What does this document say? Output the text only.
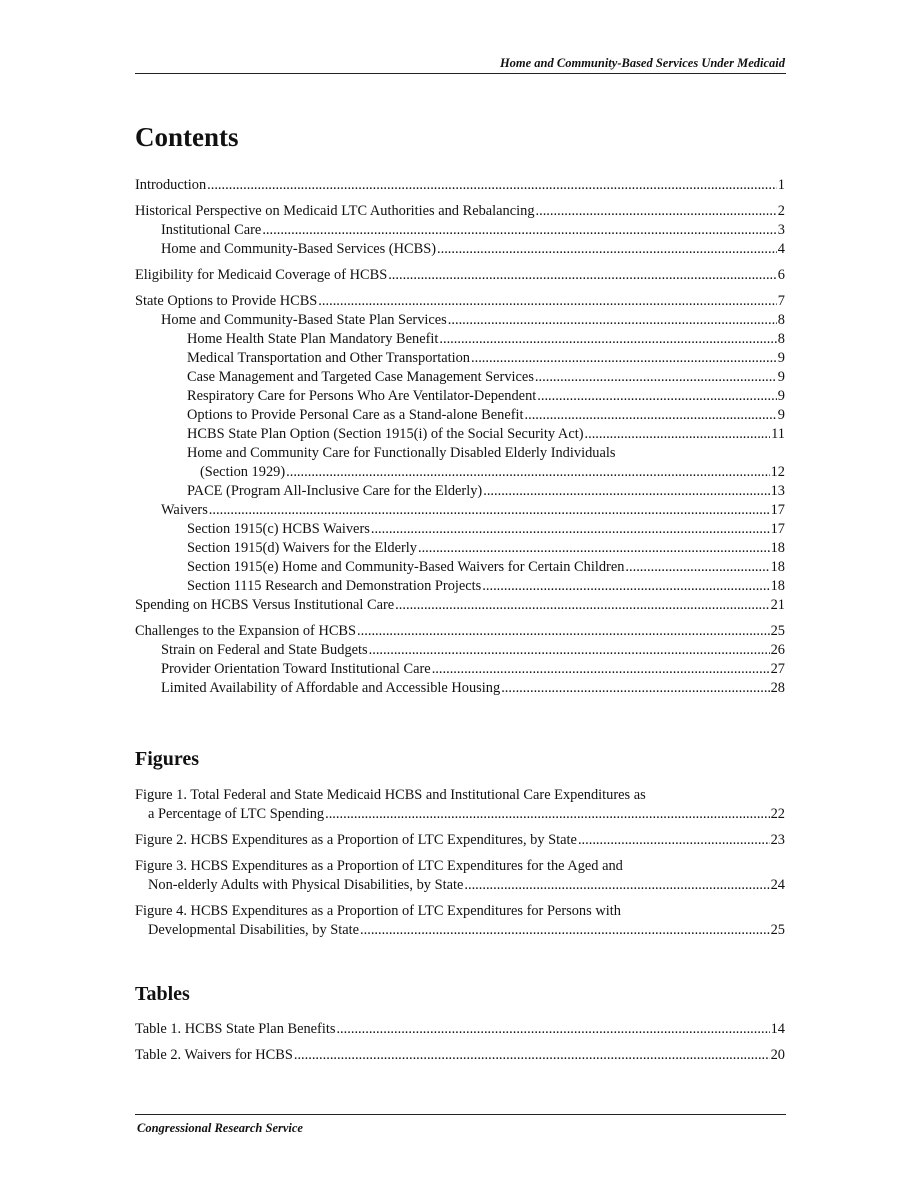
Home and Community-Based Services Under Medicaid
Contents
Introduction .....	1
Historical Perspective on Medicaid LTC Authorities and Rebalancing .....	2
Institutional Care .....	3
Home and Community-Based Services (HCBS) .....	4
Eligibility for Medicaid Coverage of HCBS .....	6
State Options to Provide HCBS .....	7
Home and Community-Based State Plan Services .....	8
Home Health State Plan Mandatory Benefit .....	8
Medical Transportation and Other Transportation .....	9
Case Management and Targeted Case Management Services .....	9
Respiratory Care for Persons Who Are Ventilator-Dependent .....	9
Options to Provide Personal Care as a Stand-alone Benefit .....	9
HCBS State Plan Option (Section 1915(i) of the Social Security Act) .....	11
Home and Community Care for Functionally Disabled Elderly Individuals
(Section 1929) .....	12
PACE (Program All-Inclusive Care for the Elderly) .....	13
Waivers .....	17
Section 1915(c) HCBS Waivers .....	17
Section 1915(d) Waivers for the Elderly .....	18
Section 1915(e) Home and Community-Based Waivers for Certain Children .....	18
Section 1115 Research and Demonstration Projects .....	18
Spending on HCBS Versus Institutional Care .....	21
Challenges to the Expansion of HCBS .....	25
Strain on Federal and State Budgets .....	26
Provider Orientation Toward Institutional Care .....	27
Limited Availability of Affordable and Accessible Housing .....	28
Figures
Figure 1. Total Federal and State Medicaid HCBS and Institutional Care Expenditures as
a Percentage of LTC Spending .....	22
Figure 2. HCBS Expenditures as a Proportion of LTC Expenditures, by State .....	23
Figure 3. HCBS Expenditures as a Proportion of LTC Expenditures for the Aged and
Non-elderly Adults with Physical Disabilities, by State .....	24
Figure 4. HCBS Expenditures as a Proportion of LTC Expenditures for Persons with
Developmental Disabilities, by State .....	25
Tables
Table 1. HCBS State Plan Benefits .....	14
Table 2. Waivers for HCBS .....	20
Congressional Research Service
